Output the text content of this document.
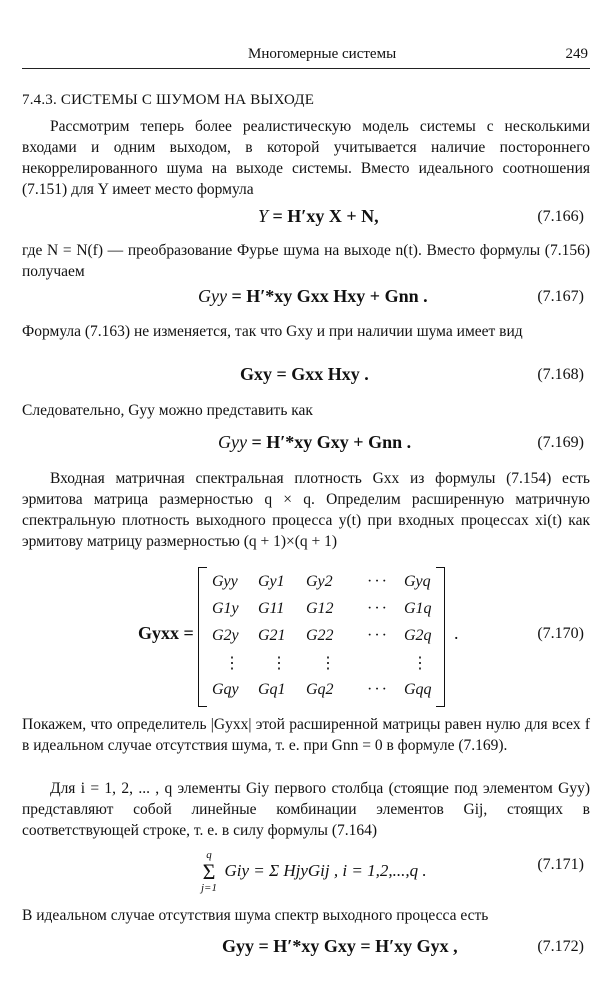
Многомерные системы	249
7.4.3. СИСТЕМЫ С ШУМОМ НА ВЫХОДЕ
Рассмотрим теперь более реалистическую модель системы с несколькими входами и одним выходом, в которой учитывается наличие постороннего некоррелированного шума на выходе системы. Вместо идеального соотношения (7.151) для Y имеет место формула
Y = H′xy X + N,	(7.166)
где N = N(f) — преобразование Фурье шума на выходе n(t). Вместо формулы (7.156) получаем
Gyy = H′*xy Gxx Hxy + Gnn .	(7.167)
Формула (7.163) не изменяется, так что Gxy и при наличии шума имеет вид
Gxy = Gxx Hxy .	(7.168)
Следовательно, Gyy можно представить как
Gyy = H′*xy Gxy + Gnn .	(7.169)
Входная матричная спектральная плотность Gxx из формулы (7.154) есть эрмитова матрица размерностью q × q. Определим расширенную матричную спектральную плотность выходного процесса y(t) при входных процессах xi(t) как эрмитову матрицу размерностью (q + 1)×(q + 1)
Gyxx =
Gyy	Gy1	Gy2	··· Gyq
G1y	G11	G12	··· G1q
G2y	G21	G22	··· G2q
⋮	⋮	⋮	⋮
Gqy	Gq1	Gq2	··· Gqq
.	(7.170)
Покажем, что определитель |Gyxx| этой расширенной матрицы равен нулю для всех f в идеальном случае отсутствия шума, т. е. при Gnn = 0 в формуле (7.169).
Для i = 1, 2, ... , q элементы Giy первого столбца (стоящие под элементом Gyy) представляют собой линейные комбинации элементов Gij, стоящих в соответствующей строке, т. е. в силу формулы (7.164)
q
Σ
j=1
Giy = Σ HjyGij , i = 1,2,...,q .	(7.171)
В идеальном случае отсутствия шума спектр выходного процесса есть
Gyy = H′*xy Gxy = H′xy Gyx ,	(7.172)
